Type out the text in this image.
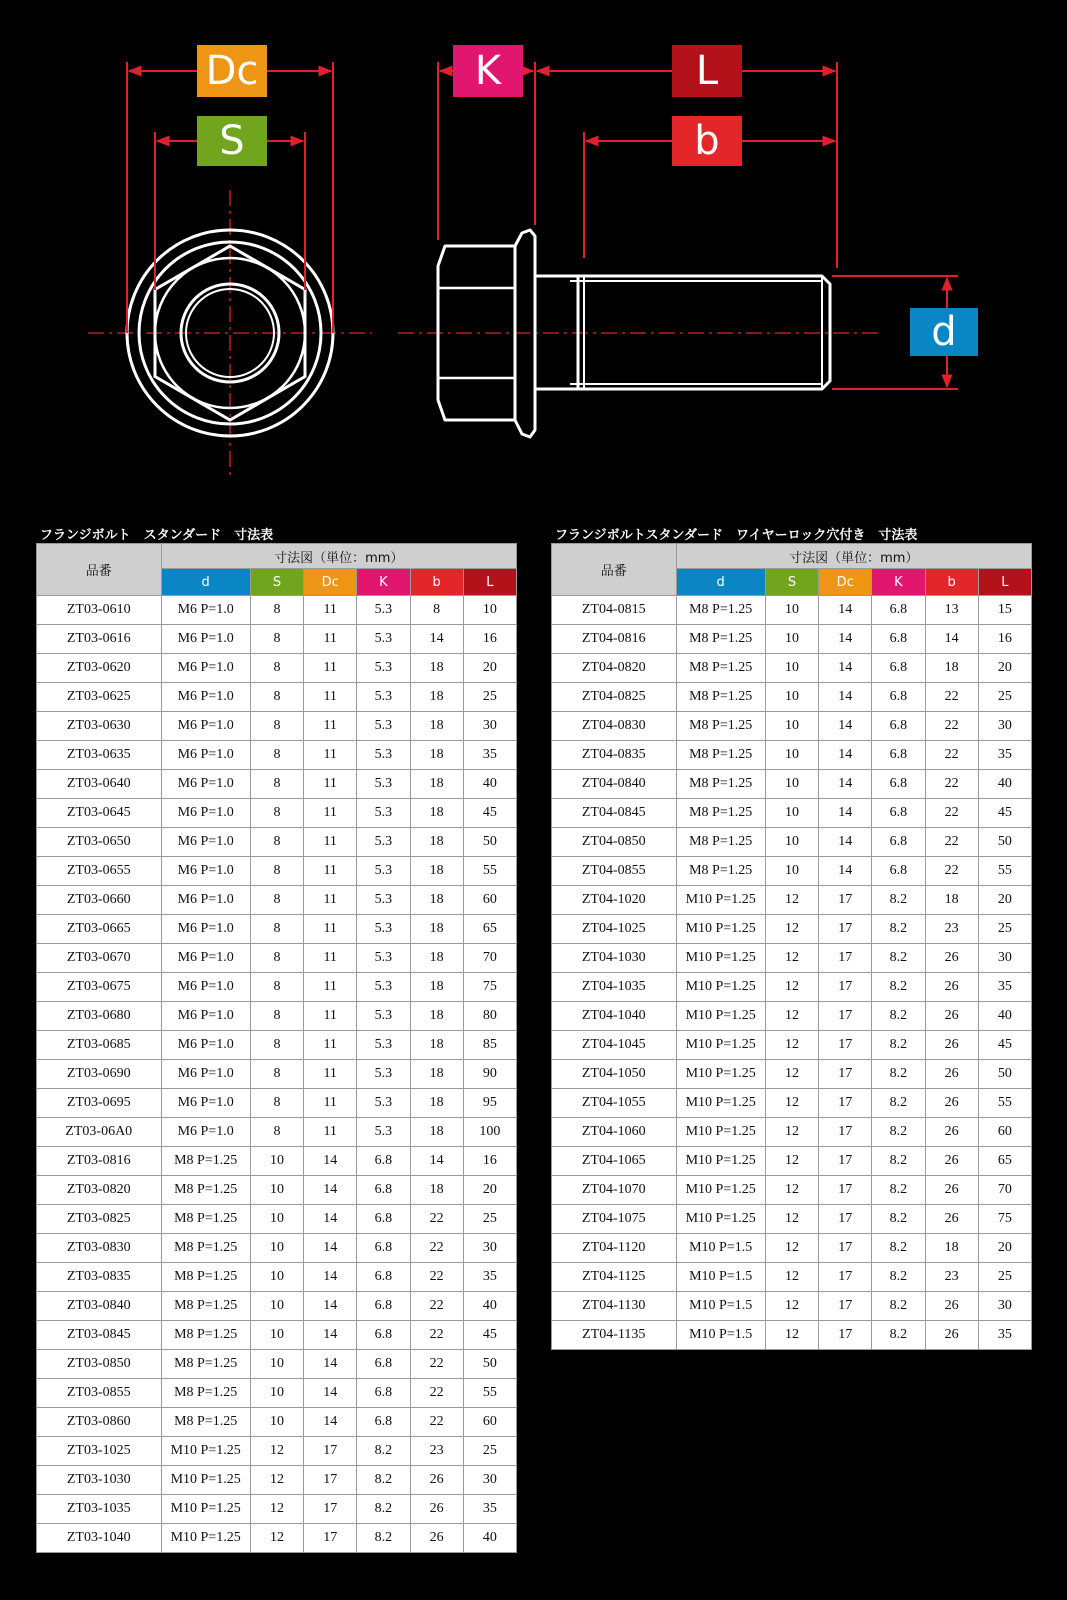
Dc
S
K	L
b
d
フランジボルト　スタンダード　寸法表
品番	寸法図（単位：mm）					
	d	S	Dc	K	b	L
ZT03-0610	M6 P=1.0	8	11	5.3	8	10
ZT03-0616	M6 P=1.0	8	11	5.3	14	16
ZT03-0620	M6 P=1.0	8	11	5.3	18	20
ZT03-0625	M6 P=1.0	8	11	5.3	18	25
ZT03-0630	M6 P=1.0	8	11	5.3	18	30
ZT03-0635	M6 P=1.0	8	11	5.3	18	35
ZT03-0640	M6 P=1.0	8	11	5.3	18	40
ZT03-0645	M6 P=1.0	8	11	5.3	18	45
ZT03-0650	M6 P=1.0	8	11	5.3	18	50
ZT03-0655	M6 P=1.0	8	11	5.3	18	55
ZT03-0660	M6 P=1.0	8	11	5.3	18	60
ZT03-0665	M6 P=1.0	8	11	5.3	18	65
ZT03-0670	M6 P=1.0	8	11	5.3	18	70
ZT03-0675	M6 P=1.0	8	11	5.3	18	75
ZT03-0680	M6 P=1.0	8	11	5.3	18	80
ZT03-0685	M6 P=1.0	8	11	5.3	18	85
ZT03-0690	M6 P=1.0	8	11	5.3	18	90
ZT03-0695	M6 P=1.0	8	11	5.3	18	95
ZT03-06A0	M6 P=1.0	8	11	5.3	18	100
ZT03-0816	M8 P=1.25	10	14	6.8	14	16
ZT03-0820	M8 P=1.25	10	14	6.8	18	20
ZT03-0825	M8 P=1.25	10	14	6.8	22	25
ZT03-0830	M8 P=1.25	10	14	6.8	22	30
ZT03-0835	M8 P=1.25	10	14	6.8	22	35
ZT03-0840	M8 P=1.25	10	14	6.8	22	40
ZT03-0845	M8 P=1.25	10	14	6.8	22	45
ZT03-0850	M8 P=1.25	10	14	6.8	22	50
ZT03-0855	M8 P=1.25	10	14	6.8	22	55
ZT03-0860	M8 P=1.25	10	14	6.8	22	60
ZT03-1025	M10 P=1.25	12	17	8.2	23	25
ZT03-1030	M10 P=1.25	12	17	8.2	26	30
ZT03-1035	M10 P=1.25	12	17	8.2	26	35
ZT03-1040	M10 P=1.25	12	17	8.2	26	40
フランジボルトスタンダード　ワイヤーロック穴付き　寸法表
品番	寸法図（単位：mm）					
	d	S	Dc	K	b	L
ZT04-0815	M8 P=1.25	10	14	6.8	13	15
ZT04-0816	M8 P=1.25	10	14	6.8	14	16
ZT04-0820	M8 P=1.25	10	14	6.8	18	20
ZT04-0825	M8 P=1.25	10	14	6.8	22	25
ZT04-0830	M8 P=1.25	10	14	6.8	22	30
ZT04-0835	M8 P=1.25	10	14	6.8	22	35
ZT04-0840	M8 P=1.25	10	14	6.8	22	40
ZT04-0845	M8 P=1.25	10	14	6.8	22	45
ZT04-0850	M8 P=1.25	10	14	6.8	22	50
ZT04-0855	M8 P=1.25	10	14	6.8	22	55
ZT04-1020	M10 P=1.25	12	17	8.2	18	20
ZT04-1025	M10 P=1.25	12	17	8.2	23	25
ZT04-1030	M10 P=1.25	12	17	8.2	26	30
ZT04-1035	M10 P=1.25	12	17	8.2	26	35
ZT04-1040	M10 P=1.25	12	17	8.2	26	40
ZT04-1045	M10 P=1.25	12	17	8.2	26	45
ZT04-1050	M10 P=1.25	12	17	8.2	26	50
ZT04-1055	M10 P=1.25	12	17	8.2	26	55
ZT04-1060	M10 P=1.25	12	17	8.2	26	60
ZT04-1065	M10 P=1.25	12	17	8.2	26	65
ZT04-1070	M10 P=1.25	12	17	8.2	26	70
ZT04-1075	M10 P=1.25	12	17	8.2	26	75
ZT04-1120	M10 P=1.5	12	17	8.2	18	20
ZT04-1125	M10 P=1.5	12	17	8.2	23	25
ZT04-1130	M10 P=1.5	12	17	8.2	26	30
ZT04-1135	M10 P=1.5	12	17	8.2	26	35
